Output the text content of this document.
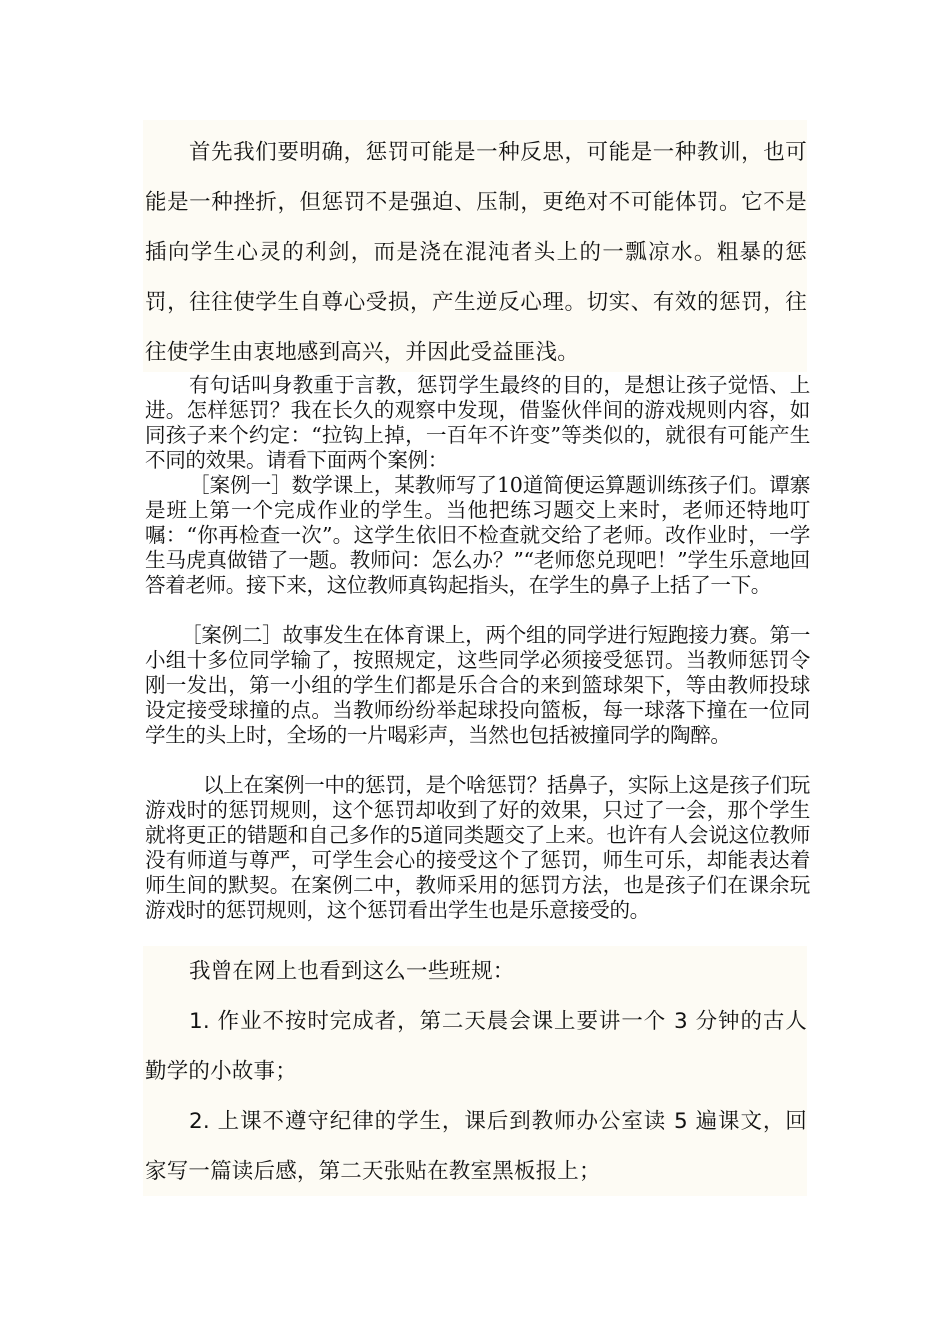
首先我们要明确，惩罚可能是一种反思，可能是一种教训，也可能是一种挫折，但惩罚不是强迫、压制，更绝对不可能体罚。它不是插向学生心灵的利剑，而是浇在混沌者头上的一瓢凉水。粗暴的惩罚，往往使学生自尊心受损，产生逆反心理。切实、有效的惩罚，往往使学生由衷地感到高兴，并因此受益匪浅。

有句话叫身教重于言教，惩罚学生最终的目的，是想让孩子觉悟、上进。怎样惩罚？我在长久的观察中发现，借鉴伙伴间的游戏规则内容，如同孩子来个约定：“拉钩上掉，一百年不许变”等类似的，就很有可能产生不同的效果。请看下面两个案例：

［案例一］数学课上，某教师写了10道简便运算题训练孩子们。谭寨是班上第一个完成作业的学生。当他把练习题交上来时，老师还特地叮嘱：“你再检查一次”。这学生依旧不检查就交给了老师。改作业时，一学生马虎真做错了一题。教师问：怎么办？”“老师您兑现吧！”学生乐意地回答着老师。接下来，这位教师真钩起指头，在学生的鼻子上括了一下。

［案例二］故事发生在体育课上，两个组的同学进行短跑接力赛。第一小组十多位同学输了，按照规定，这些同学必须接受惩罚。当教师惩罚令刚一发出，第一小组的学生们都是乐合合的来到篮球架下，等由教师投球设定接受球撞的点。当教师纷纷举起球投向篮板，每一球落下撞在一位同学生的头上时，全场的一片喝彩声，当然也包括被撞同学的陶醉。

以上在案例一中的惩罚，是个啥惩罚？括鼻子，实际上这是孩子们玩游戏时的惩罚规则，这个惩罚却收到了好的效果，只过了一会，那个学生就将更正的错题和自己多作的5道同类题交了上来。也许有人会说这位教师没有师道与尊严，可学生会心的接受这个了惩罚，师生可乐，却能表达着师生间的默契。在案例二中，教师采用的惩罚方法，也是孩子们在课余玩游戏时的惩罚规则，这个惩罚看出学生也是乐意接受的。

我曾在网上也看到这么一些班规：

1. 作业不按时完成者，第二天晨会课上要讲一个 3 分钟的古人勤学的小故事；

2. 上课不遵守纪律的学生，课后到教师办公室读 5 遍课文，回家写一篇读后感，第二天张贴在教室黑板报上；
